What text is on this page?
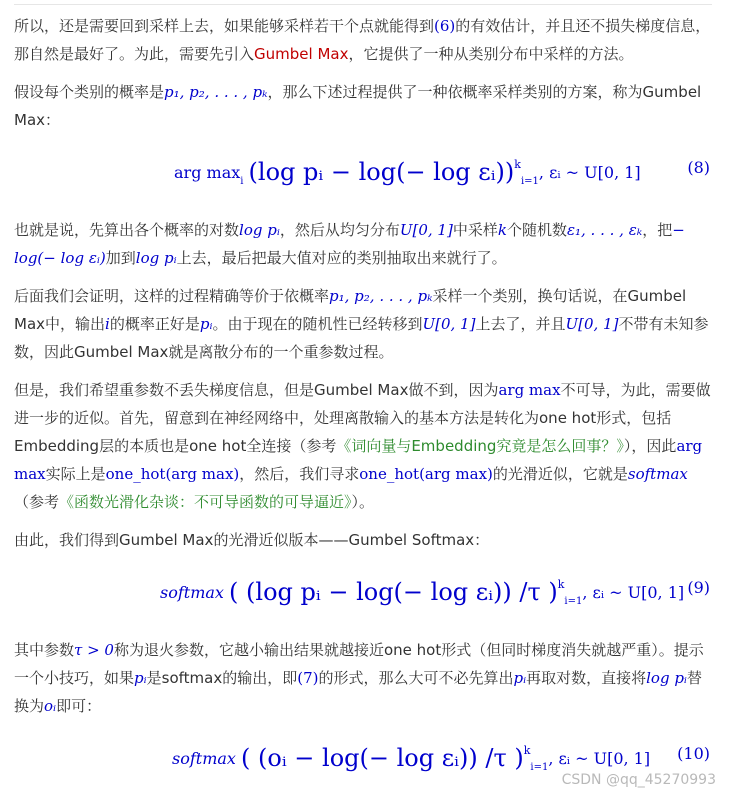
所以，还是需要回到采样上去，如果能够采样若干个点就能得到(6)的有效估计，并且还不损失梯度信息，那自然是最好了。为此，需要先引入Gumbel Max，它提供了一种从类别分布中采样的方法。

假设每个类别的概率是p₁, p₂, . . . , pₖ，那么下述过程提供了一种依概率采样类别的方案，称为Gumbel Max：

arg $\max_i (\log$ pᵢ − log(− log εᵢ))$^k_{i=1}$, εᵢ ~ U[0, 1]	(8)

也就是说，先算出各个概率的对数log pᵢ，然后从均匀分布U[0, 1]中采样k个随机数ε₁, . . . , εₖ，把− log(− log εᵢ)加到log pᵢ上去，最后把最大值对应的类别抽取出来就行了。

后面我们会证明，这样的过程精确等价于依概率p₁, p₂, . . . , pₖ采样一个类别，换句话说，在Gumbel Max中，输出i的概率正好是pᵢ。由于现在的随机性已经转移到U[0, 1]上去了，并且U[0, 1]不带有未知参数，因此Gumbel Max就是离散分布的一个重参数过程。

但是，我们希望重参数不丢失梯度信息，但是Gumbel Max做不到，因为arg max不可导，为此，需要做进一步的近似。首先，留意到在神经网络中，处理离散输入的基本方法是转化为one hot形式，包括Embedding层的本质也是one hot全连接（参考《词向量与Embedding究竟是怎么回事？》），因此arg max实际上是one_hot(arg max)，然后，我们寻求one_hot(arg max)的光滑近似，它就是softmax（参考《函数光滑化杂谈：不可导函数的可导逼近》）。

由此，我们得到Gumbel Max的光滑近似版本——Gumbel Softmax：

softmax ( (log pᵢ − log(− log εᵢ)) /τ )$^k_{i=1}$, εᵢ ~ U[0, 1] (9)

其中参数τ > 0称为退火参数，它越小输出结果就越接近one hot形式（但同时梯度消失就越严重）。提示一个小技巧，如果pᵢ是softmax的输出，即(7)的形式，那么大可不必先算出pᵢ再取对数，直接将log pᵢ替换为oᵢ即可：

softmax ( (oᵢ − log(− log εᵢ)) /τ )$^k_{i=1}$, εᵢ ~ U[0, 1] (10)
CSDN @qq_45270993
